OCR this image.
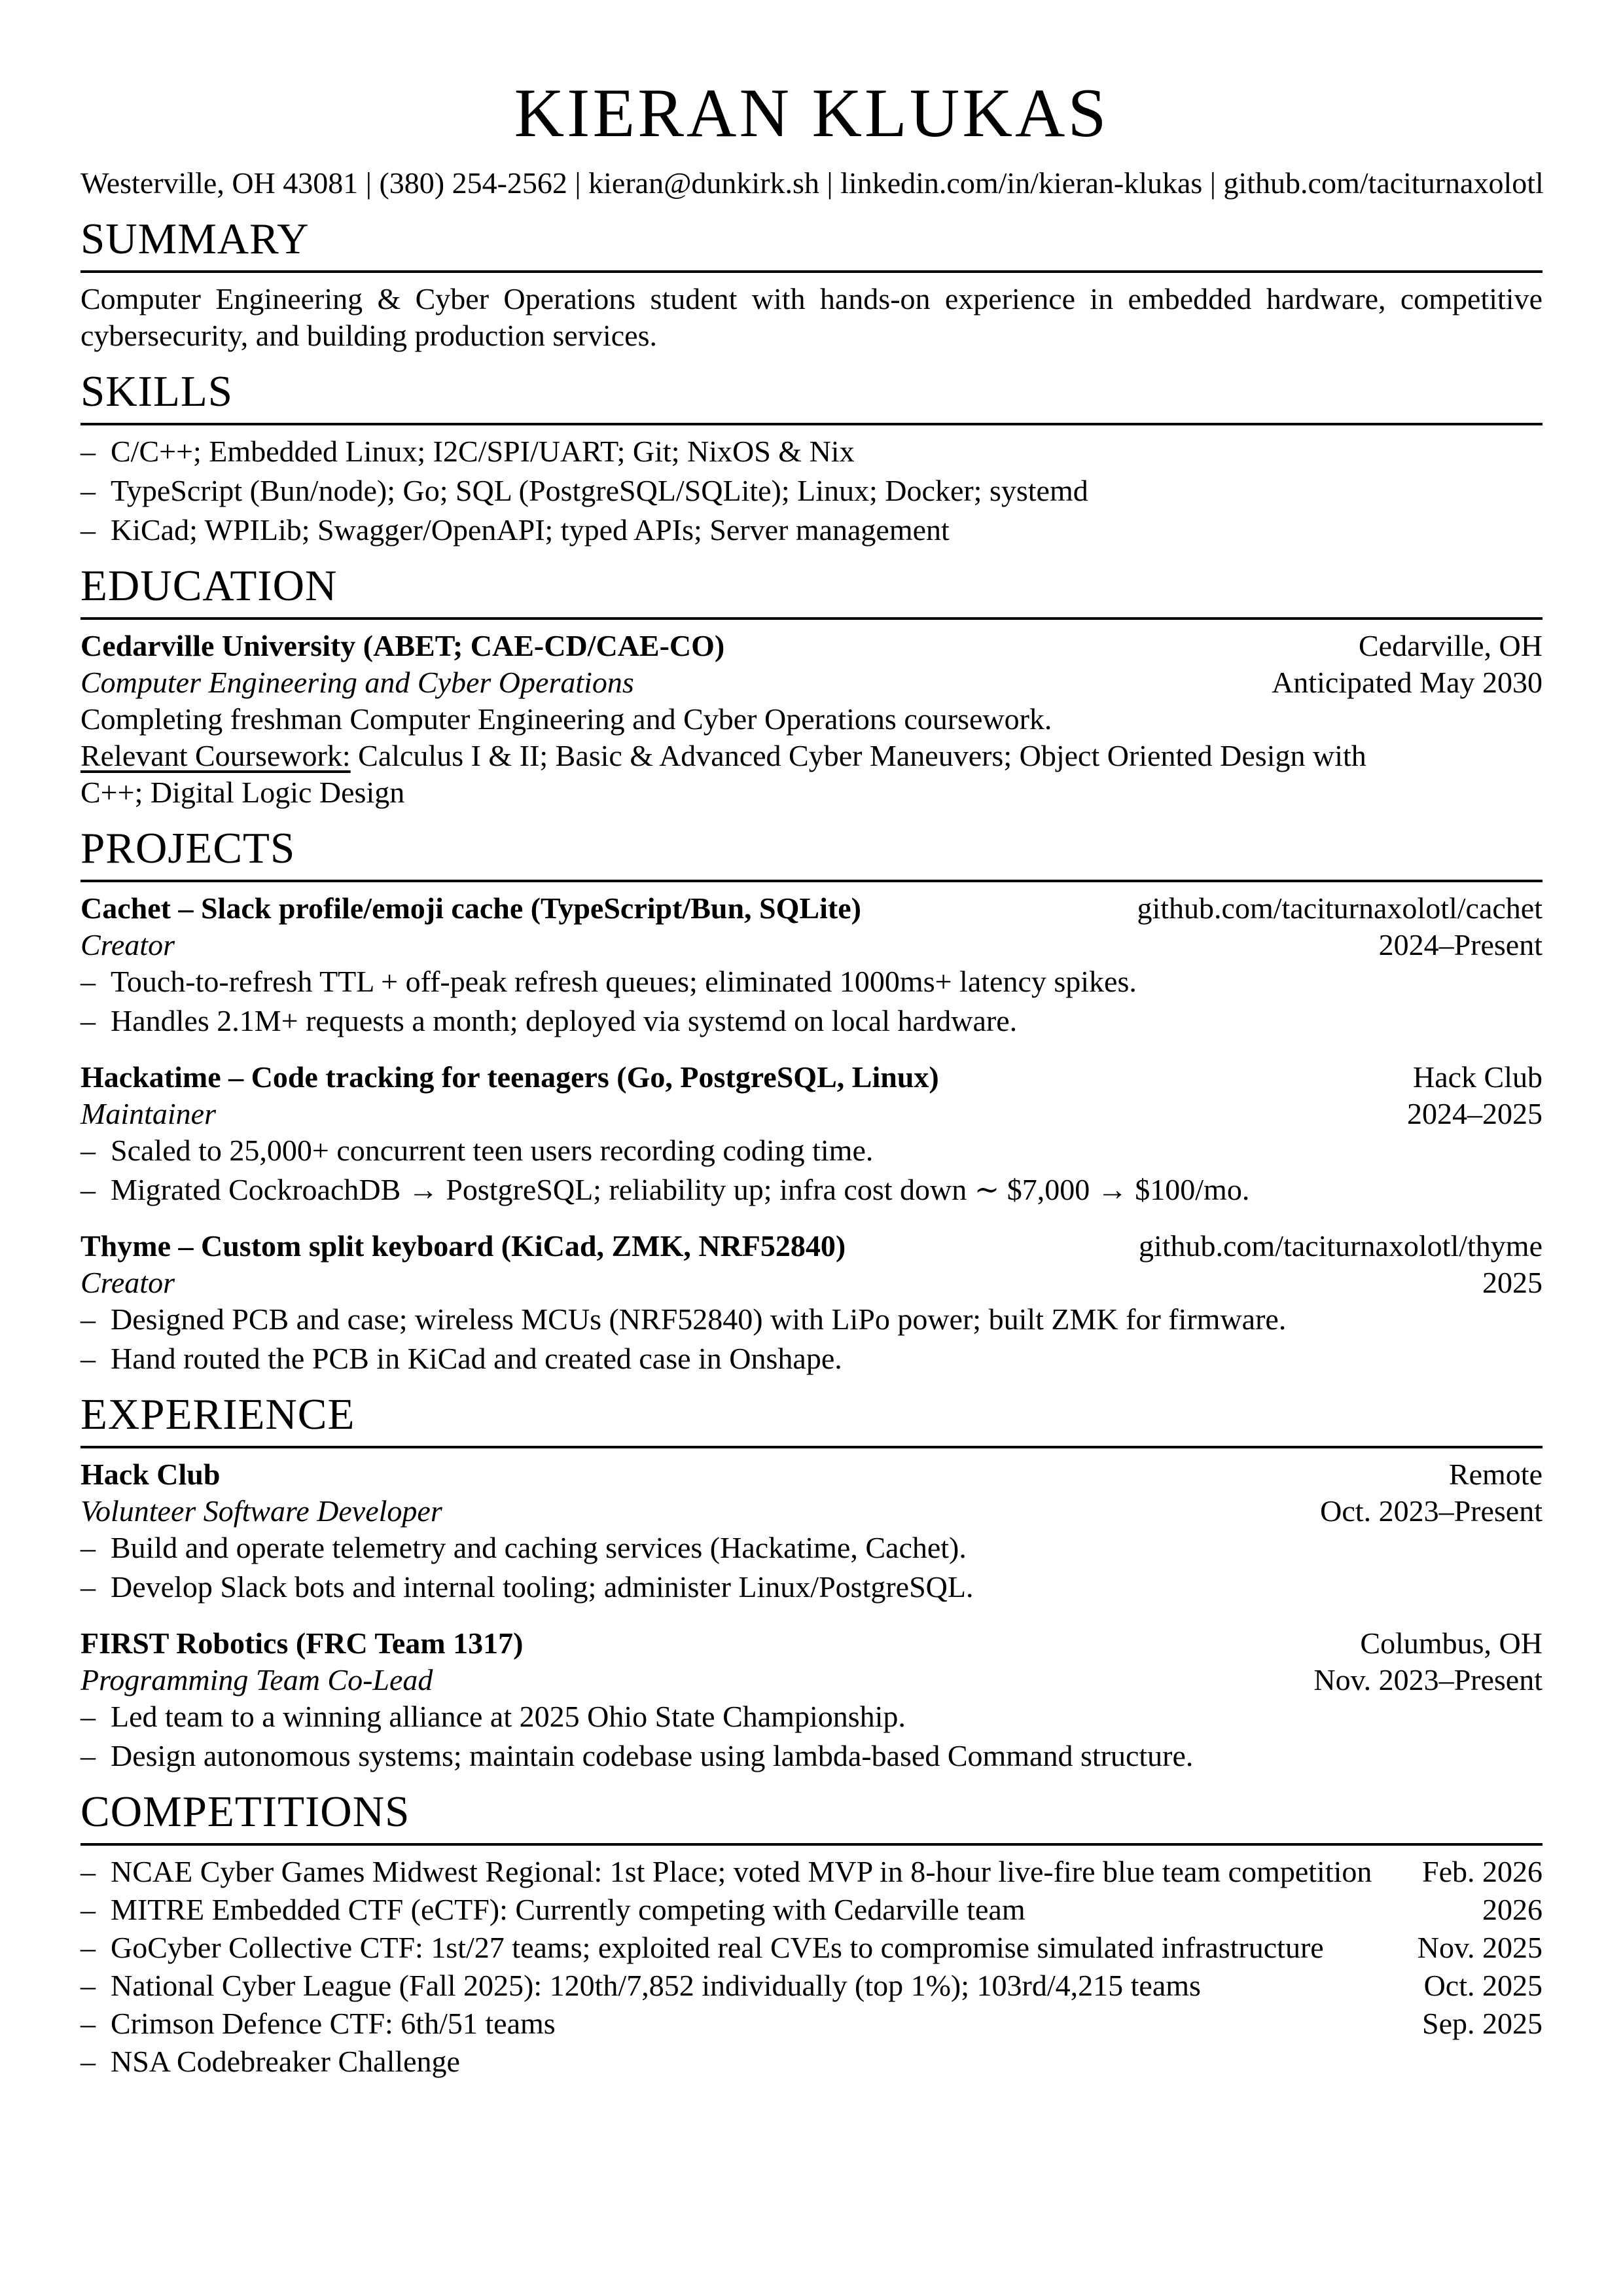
KIERAN KLUKAS
Westerville, OH 43081 | (380) 254-2562 | kieran@dunkirk.sh | linkedin.com/in/kieran-klukas | github.com/taciturnaxolotl
SUMMARY

Computer Engineering & Cyber Operations student with hands-on experience in embedded hardware, competitive cybersecurity, and building production services.

SKILLS
– C/C++; Embedded Linux; I2C/SPI/UART; Git; NixOS & Nix
– TypeScript (Bun/node); Go; SQL (PostgreSQL/SQLite); Linux; Docker; systemd
– KiCad; WPILib; Swagger/OpenAPI; typed APIs; Server management
EDUCATION
Cedarville University (ABET; CAE-CD/CAE-CO)	Cedarville, OH
Computer Engineering and Cyber Operations	Anticipated May 2030

Completing freshman Computer Engineering and Cyber Operations coursework.

Relevant Coursework: Calculus I & II; Basic & Advanced Cyber Maneuvers; Object Oriented Design with C++; Digital Logic Design

PROJECTS
Cachet – Slack profile/emoji cache (TypeScript/Bun, SQLite)	github.com/taciturnaxolotl/cachet
Creator	2024–Present
– Touch-to-refresh TTL + off-peak refresh queues; eliminated 1000ms+ latency spikes.
– Handles 2.1M+ requests a month; deployed via systemd on local hardware.
Hackatime – Code tracking for teenagers (Go, PostgreSQL, Linux)	Hack Club
Maintainer	2024–2025
– Scaled to 25,000+ concurrent teen users recording coding time.
– Migrated CockroachDB → PostgreSQL; reliability up; infra cost down ∼ $7,000 → $100/mo.
Thyme – Custom split keyboard (KiCad, ZMK, NRF52840)	github.com/taciturnaxolotl/thyme
Creator	2025
– Designed PCB and case; wireless MCUs (NRF52840) with LiPo power; built ZMK for firmware.
– Hand routed the PCB in KiCad and created case in Onshape.
EXPERIENCE
Hack Club	Remote
Volunteer Software Developer	Oct. 2023–Present
– Build and operate telemetry and caching services (Hackatime, Cachet).
– Develop Slack bots and internal tooling; administer Linux/PostgreSQL.
FIRST Robotics (FRC Team 1317)	Columbus, OH
Programming Team Co-Lead	Nov. 2023–Present
– Led team to a winning alliance at 2025 Ohio State Championship.
– Design autonomous systems; maintain codebase using lambda-based Command structure.
COMPETITIONS
– NCAE Cyber Games Midwest Regional: 1st Place; voted MVP in 8-hour live-fire blue team competition	Feb. 2026
– MITRE Embedded CTF (eCTF): Currently competing with Cedarville team	2026
– GoCyber Collective CTF: 1st/27 teams; exploited real CVEs to compromise simulated infrastructure	Nov. 2025
– National Cyber League (Fall 2025): 120th/7,852 individually (top 1%); 103rd/4,215 teams	Oct. 2025
– Crimson Defence CTF: 6th/51 teams	Sep. 2025
– NSA Codebreaker Challenge
